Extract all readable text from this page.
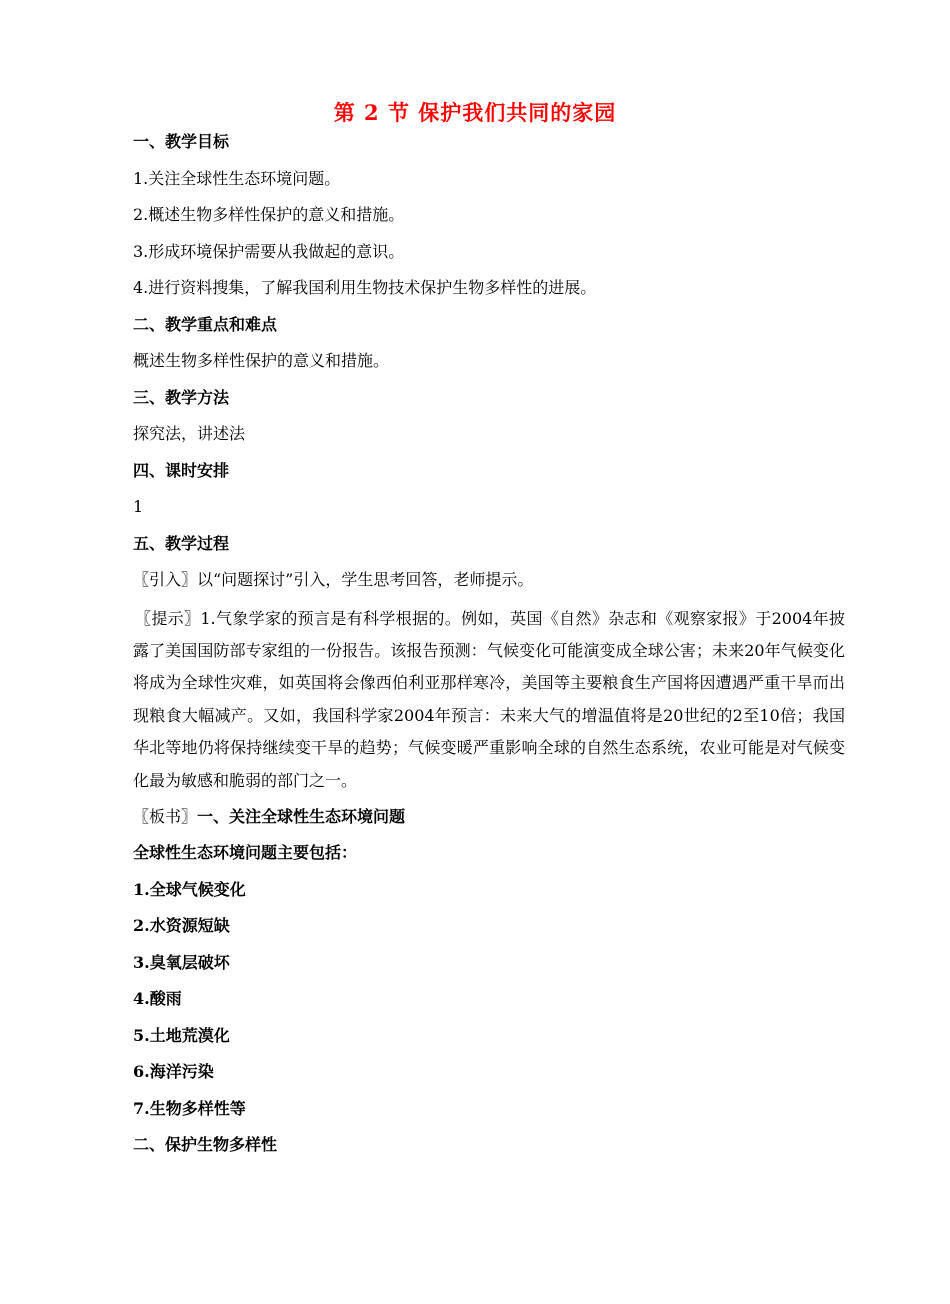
第 2 节 保护我们共同的家园
一、教学目标
1.关注全球性生态环境问题。
2.概述生物多样性保护的意义和措施。
3.形成环境保护需要从我做起的意识。
4.进行资料搜集，了解我国利用生物技术保护生物多样性的进展。
二、教学重点和难点
概述生物多样性保护的意义和措施。
三、教学方法
探究法，讲述法
四、课时安排
1
五、教学过程
〖引入〗以“问题探讨”引入，学生思考回答，老师提示。
〖提示〗1.气象学家的预言是有科学根据的。例如，英国《自然》杂志和《观察家报》于2004年披露了美国国防部专家组的一份报告。该报告预测：气候变化可能演变成全球公害；未来20年气候变化将成为全球性灾难，如英国将会像西伯利亚那样寒冷，美国等主要粮食生产国将因遭遇严重干旱而出现粮食大幅减产。又如，我国科学家2004年预言：未来大气的增温值将是20世纪的2至10倍；我国华北等地仍将保持继续变干旱的趋势；气候变暖严重影响全球的自然生态系统，农业可能是对气候变化最为敏感和脆弱的部门之一。
〖板书〗一、关注全球性生态环境问题
全球性生态环境问题主要包括：
1.全球气候变化
2.水资源短缺
3.臭氧层破坏
4.酸雨
5.土地荒漠化
6.海洋污染
7.生物多样性等
二、保护生物多样性
